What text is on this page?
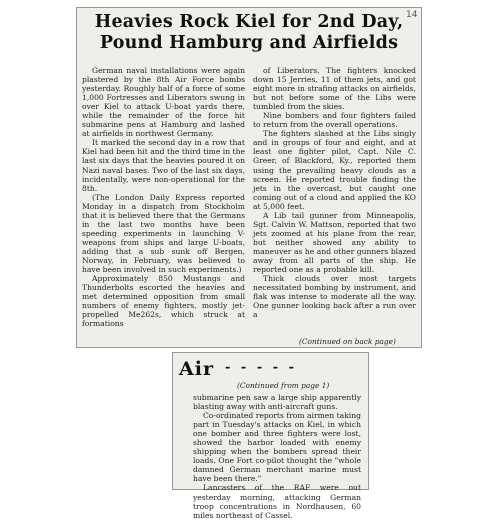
Heavies Rock Kiel for 2nd Day,
Pound Hamburg and Airfields
14

German naval installations were again plastered by the 8th Air Force bombs yesterday. Roughly half of a force of some 1,000 Fortresses and Liberators swung in over Kiel to attack U-boat yards there, while the remainder of the force hit submarine pens at Hamburg and lashed at airfields in northwest Germany.

It marked the second day in a row that Kiel had been hit and the third time in the last six days that the heavies poured it on Nazi naval bases. Two of the last six days, incidentally, were non-operational for the 8th.

(The London Daily Express reported Monday in a dispatch from Stockholm that it is believed there that the Germans in the last two months have been speeding experiments in launching V-weapons from ships and large U-boats, adding that a sub sunk off Bergen, Norway, in February, was believed to have been involved in such experiments.)

Approximately 850 Mustangs and Thunderbolts escorted the heavies and met determined opposition from small numbers of enemy fighters, mostly jet-propelled Me262s, which struck at formations

of Liberators. The fighters knocked down 15 Jerries, 11 of them jets, and got eight more in strafing attacks on airfields, but not before some of the Libs were tumbled from the skies.

Nine bombers and four fighters failed to return from the overall operations.

The fighters slashed at the Libs singly and in groups of four and eight, and at least one fighter pilot, Capt. Nile C. Greer, of Blackford, Ky., reported them using the prevailing heavy clouds as a screen. He reported trouble finding the jets in the overcast, but caught one coming out of a cloud and applied the KO at 5,000 feet.

A Lib tail gunner from Minneapolis, Sgt. Calvin W. Mattson, reported that two jets zoomed at his plane from the rear, but neither showed any ability to maneuver as he and other gunners blazed away from all parts of the ship. He reported one as a probable kill.

Thick clouds over most targets necessitated bombing by instrument, and flak was intense to moderate all the way. One gunner looking back after a run over a

(Continued on back page)
Air - - - - -
(Continued from page 1)

submarine pen saw a large ship apparently blasting away with anti-aircraft guns.

Co-ordinated reports from airmen taking part in Tuesday's attacks on Kiel, in which one bomber and three fighters were lost, showed the harbor loaded with enemy shipping when the bombers spread their loads. One Fort co-pilot thought the "whole damned German merchant marine must have been there."

Lancasters of the RAF were out yesterday morning, attacking German troop concentrations in Nordhausen, 60 miles northeast of Cassel.
